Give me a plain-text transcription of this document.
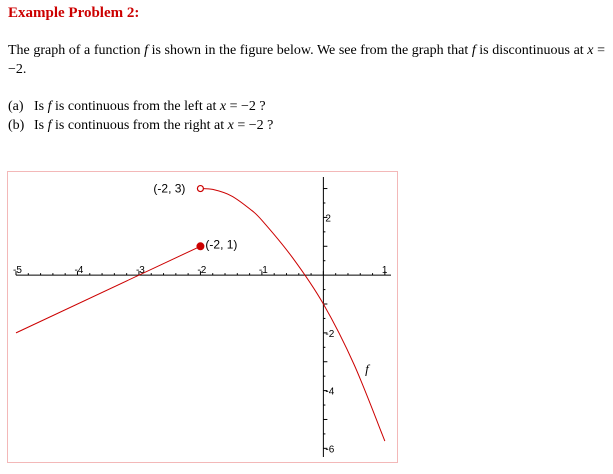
Example Problem 2:
The graph of a function f is shown in the figure below. We see from the graph that f is discontinuous at x = −2.
(a) Is f is continuous from the left at x = −2 ?
(b) Is f is continuous from the right at x = −2 ?
-5	-4	-3	-2	-1	1
2
-2
-4
-6
(-2, 3)
(-2, 1)
f
